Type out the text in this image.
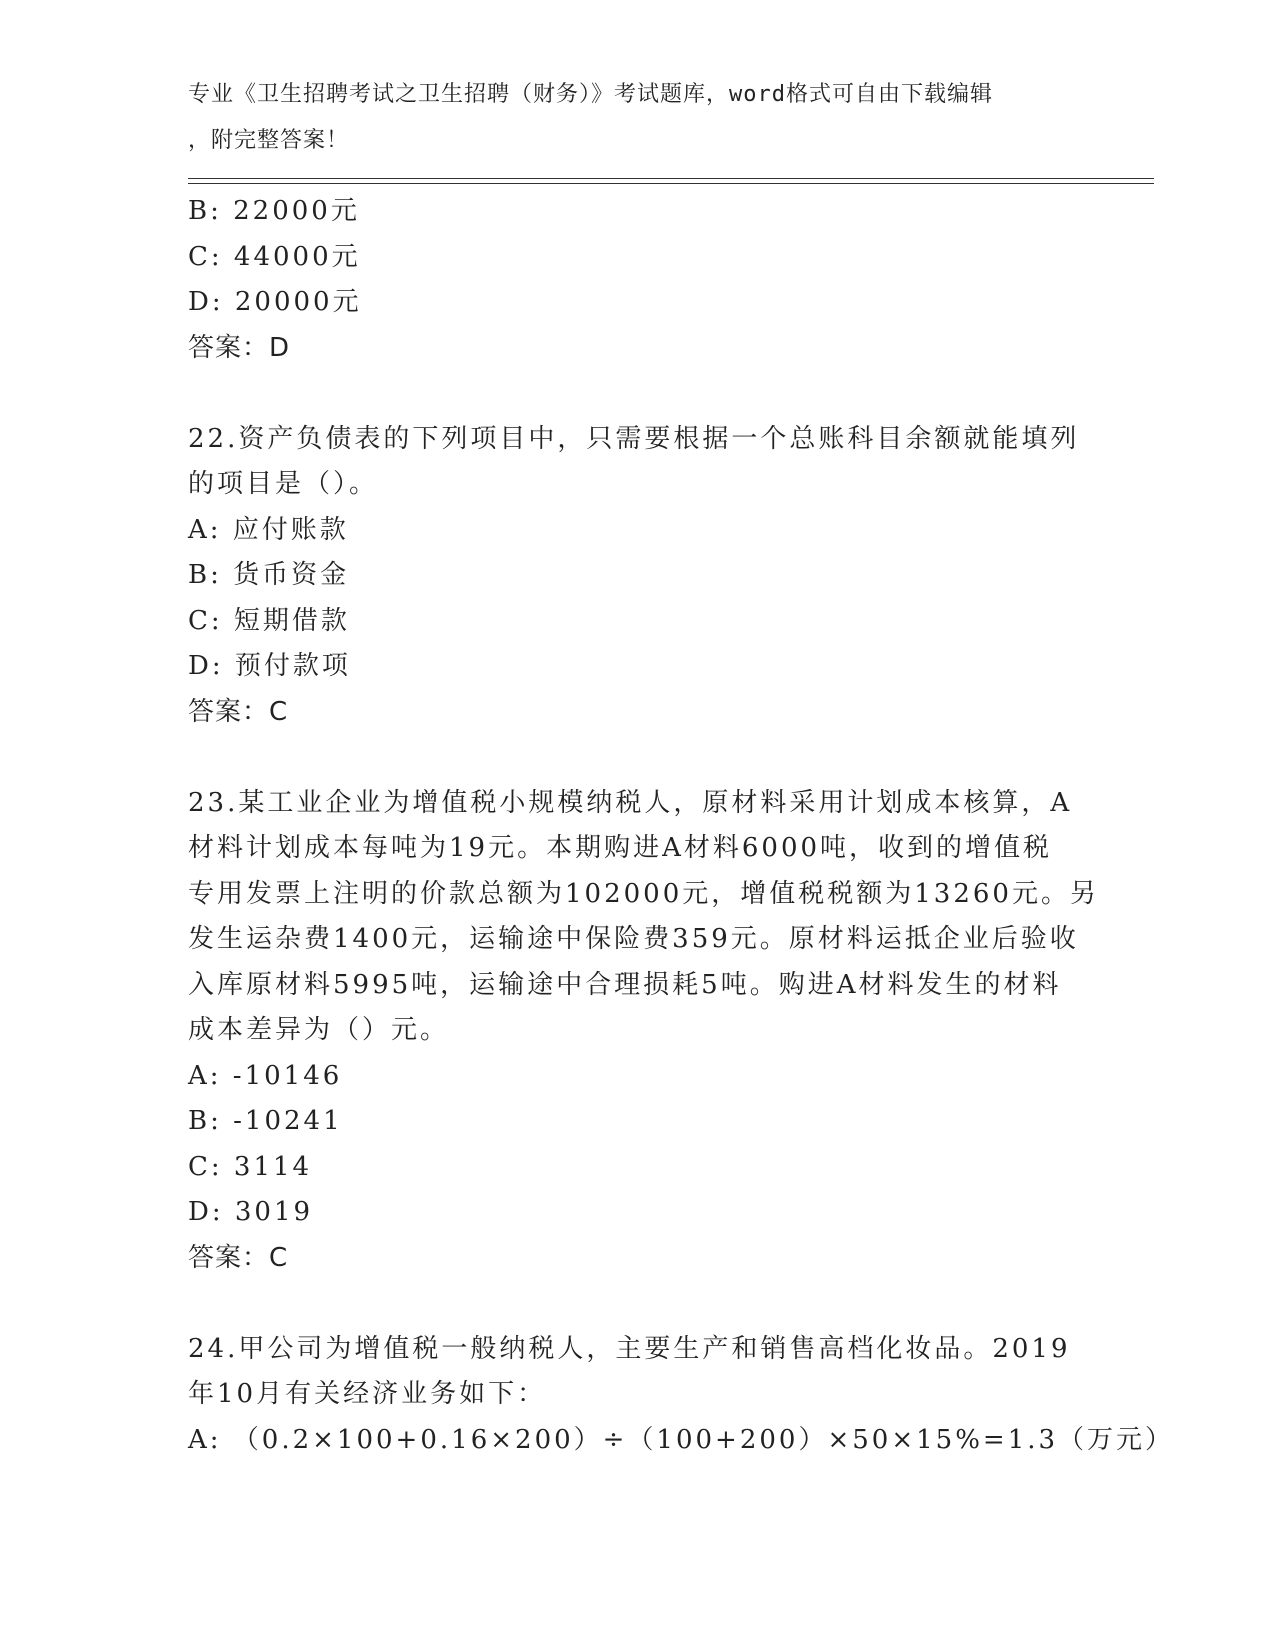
专业《卫生招聘考试之卫生招聘（财务）》考试题库，word格式可自由下载编辑
，附完整答案！
B: 22000元
C: 44000元
D: 20000元
答案：D
22.资产负债表的下列项目中，只需要根据一个总账科目余额就能填列
的项目是（）。
A: 应付账款
B: 货币资金
C: 短期借款
D: 预付款项
答案：C
23.某工业企业为增值税小规模纳税人，原材料采用计划成本核算，A
材料计划成本每吨为19元。本期购进A材料6000吨，收到的增值税
专用发票上注明的价款总额为102000元，增值税税额为13260元。另
发生运杂费1400元，运输途中保险费359元。原材料运抵企业后验收
入库原材料5995吨，运输途中合理损耗5吨。购进A材料发生的材料
成本差异为（）元。
A: -10146
B: -10241
C: 3114
D: 3019
答案：C
24.甲公司为增值税一般纳税人，主要生产和销售高档化妆品。2019
年10月有关经济业务如下：
A: （0.2×100+0.16×200）÷（100+200）×50×15%=1.3（万元）
